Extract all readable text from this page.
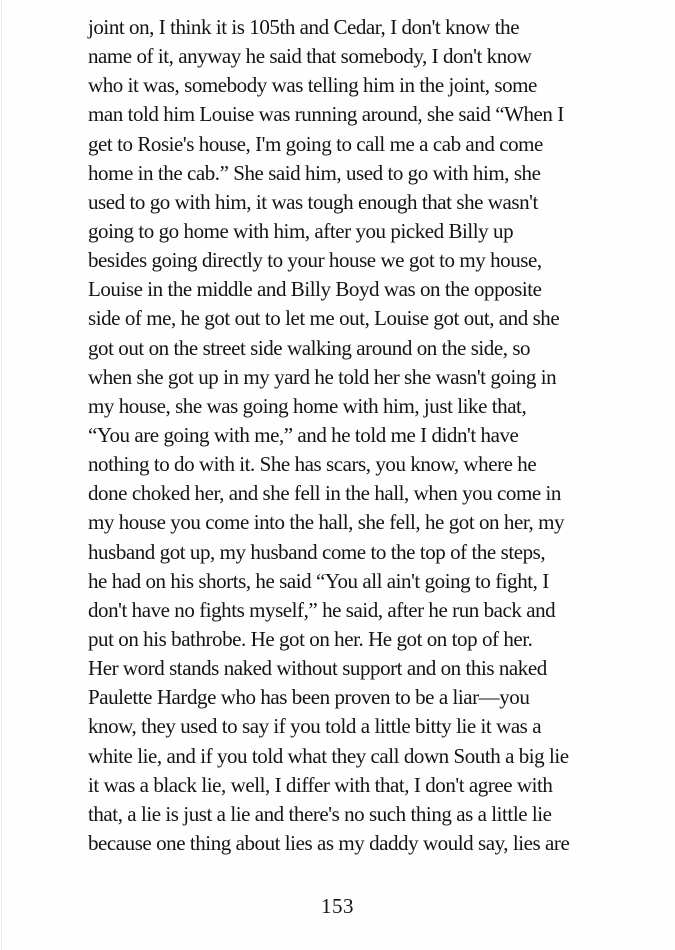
joint on, I think it is 105th and Cedar, I don't know the
name of it, anyway he said that somebody, I don't know
who it was, somebody was telling him in the joint, some
man told him Louise was running around, she said “When I
get to Rosie's house, I'm going to call me a cab and come
home in the cab.” She said him, used to go with him, she
used to go with him, it was tough enough that she wasn't
going to go home with him, after you picked Billy up
besides going directly to your house we got to my house,
Louise in the middle and Billy Boyd was on the opposite
side of me, he got out to let me out, Louise got out, and she
got out on the street side walking around on the side, so
when she got up in my yard he told her she wasn't going in
my house, she was going home with him, just like that,
“You are going with me,” and he told me I didn't have
nothing to do with it. She has scars, you know, where he
done choked her, and she fell in the hall, when you come in
my house you come into the hall, she fell, he got on her, my
husband got up, my husband come to the top of the steps,
he had on his shorts, he said “You all ain't going to fight, I
don't have no fights myself,” he said, after he run back and
put on his bathrobe. He got on her. He got on top of her.
Her word stands naked without support and on this naked
Paulette Hardge who has been proven to be a liar—you
know, they used to say if you told a little bitty lie it was a
white lie, and if you told what they call down South a big lie
it was a black lie, well, I differ with that, I don't agree with
that, a lie is just a lie and there's no such thing as a little lie
because one thing about lies as my daddy would say, lies are
153
